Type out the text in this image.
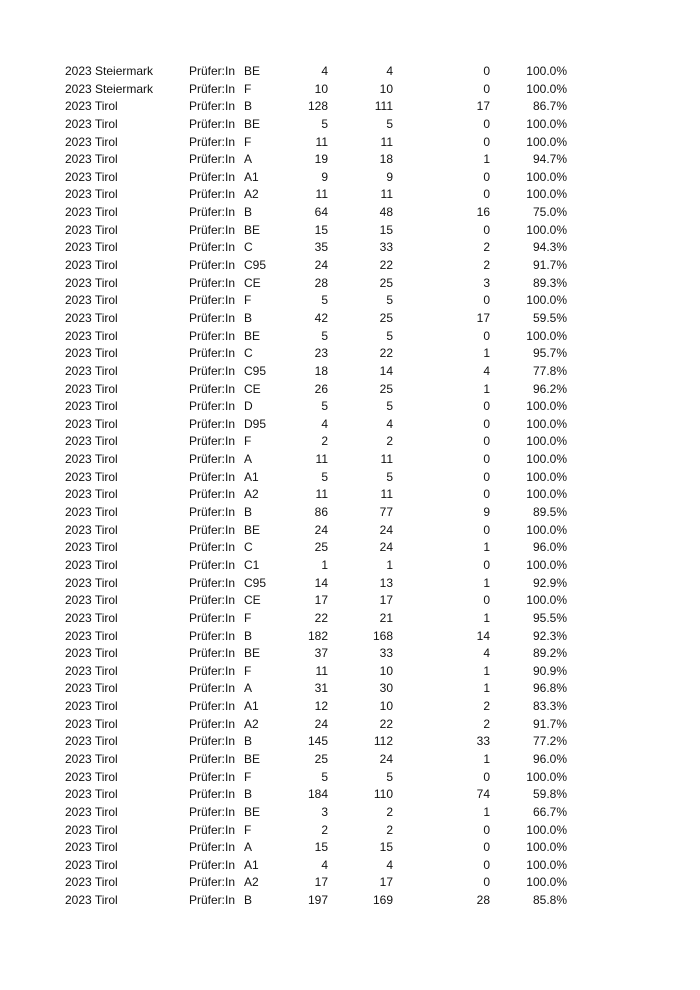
2023 Steiermark	Prüfer:In BE	4	4	0	100.0%
2023 Steiermark	Prüfer:In F	10	10	0	100.0%
2023 Tirol	Prüfer:In B	128	111	17	86.7%
2023 Tirol	Prüfer:In BE	5	5	0	100.0%
2023 Tirol	Prüfer:In F	11	11	0	100.0%
2023 Tirol	Prüfer:In A	19	18	1	94.7%
2023 Tirol	Prüfer:In A1	9	9	0	100.0%
2023 Tirol	Prüfer:In A2	11	11	0	100.0%
2023 Tirol	Prüfer:In B	64	48	16	75.0%
2023 Tirol	Prüfer:In BE	15	15	0	100.0%
2023 Tirol	Prüfer:In C	35	33	2	94.3%
2023 Tirol	Prüfer:In C95	24	22	2	91.7%
2023 Tirol	Prüfer:In CE	28	25	3	89.3%
2023 Tirol	Prüfer:In F	5	5	0	100.0%
2023 Tirol	Prüfer:In B	42	25	17	59.5%
2023 Tirol	Prüfer:In BE	5	5	0	100.0%
2023 Tirol	Prüfer:In C	23	22	1	95.7%
2023 Tirol	Prüfer:In C95	18	14	4	77.8%
2023 Tirol	Prüfer:In CE	26	25	1	96.2%
2023 Tirol	Prüfer:In D	5	5	0	100.0%
2023 Tirol	Prüfer:In D95	4	4	0	100.0%
2023 Tirol	Prüfer:In F	2	2	0	100.0%
2023 Tirol	Prüfer:In A	11	11	0	100.0%
2023 Tirol	Prüfer:In A1	5	5	0	100.0%
2023 Tirol	Prüfer:In A2	11	11	0	100.0%
2023 Tirol	Prüfer:In B	86	77	9	89.5%
2023 Tirol	Prüfer:In BE	24	24	0	100.0%
2023 Tirol	Prüfer:In C	25	24	1	96.0%
2023 Tirol	Prüfer:In C1	1	1	0	100.0%
2023 Tirol	Prüfer:In C95	14	13	1	92.9%
2023 Tirol	Prüfer:In CE	17	17	0	100.0%
2023 Tirol	Prüfer:In F	22	21	1	95.5%
2023 Tirol	Prüfer:In B	182	168	14	92.3%
2023 Tirol	Prüfer:In BE	37	33	4	89.2%
2023 Tirol	Prüfer:In F	11	10	1	90.9%
2023 Tirol	Prüfer:In A	31	30	1	96.8%
2023 Tirol	Prüfer:In A1	12	10	2	83.3%
2023 Tirol	Prüfer:In A2	24	22	2	91.7%
2023 Tirol	Prüfer:In B	145	112	33	77.2%
2023 Tirol	Prüfer:In BE	25	24	1	96.0%
2023 Tirol	Prüfer:In F	5	5	0	100.0%
2023 Tirol	Prüfer:In B	184	110	74	59.8%
2023 Tirol	Prüfer:In BE	3	2	1	66.7%
2023 Tirol	Prüfer:In F	2	2	0	100.0%
2023 Tirol	Prüfer:In A	15	15	0	100.0%
2023 Tirol	Prüfer:In A1	4	4	0	100.0%
2023 Tirol	Prüfer:In A2	17	17	0	100.0%
2023 Tirol	Prüfer:In B	197	169	28	85.8%
